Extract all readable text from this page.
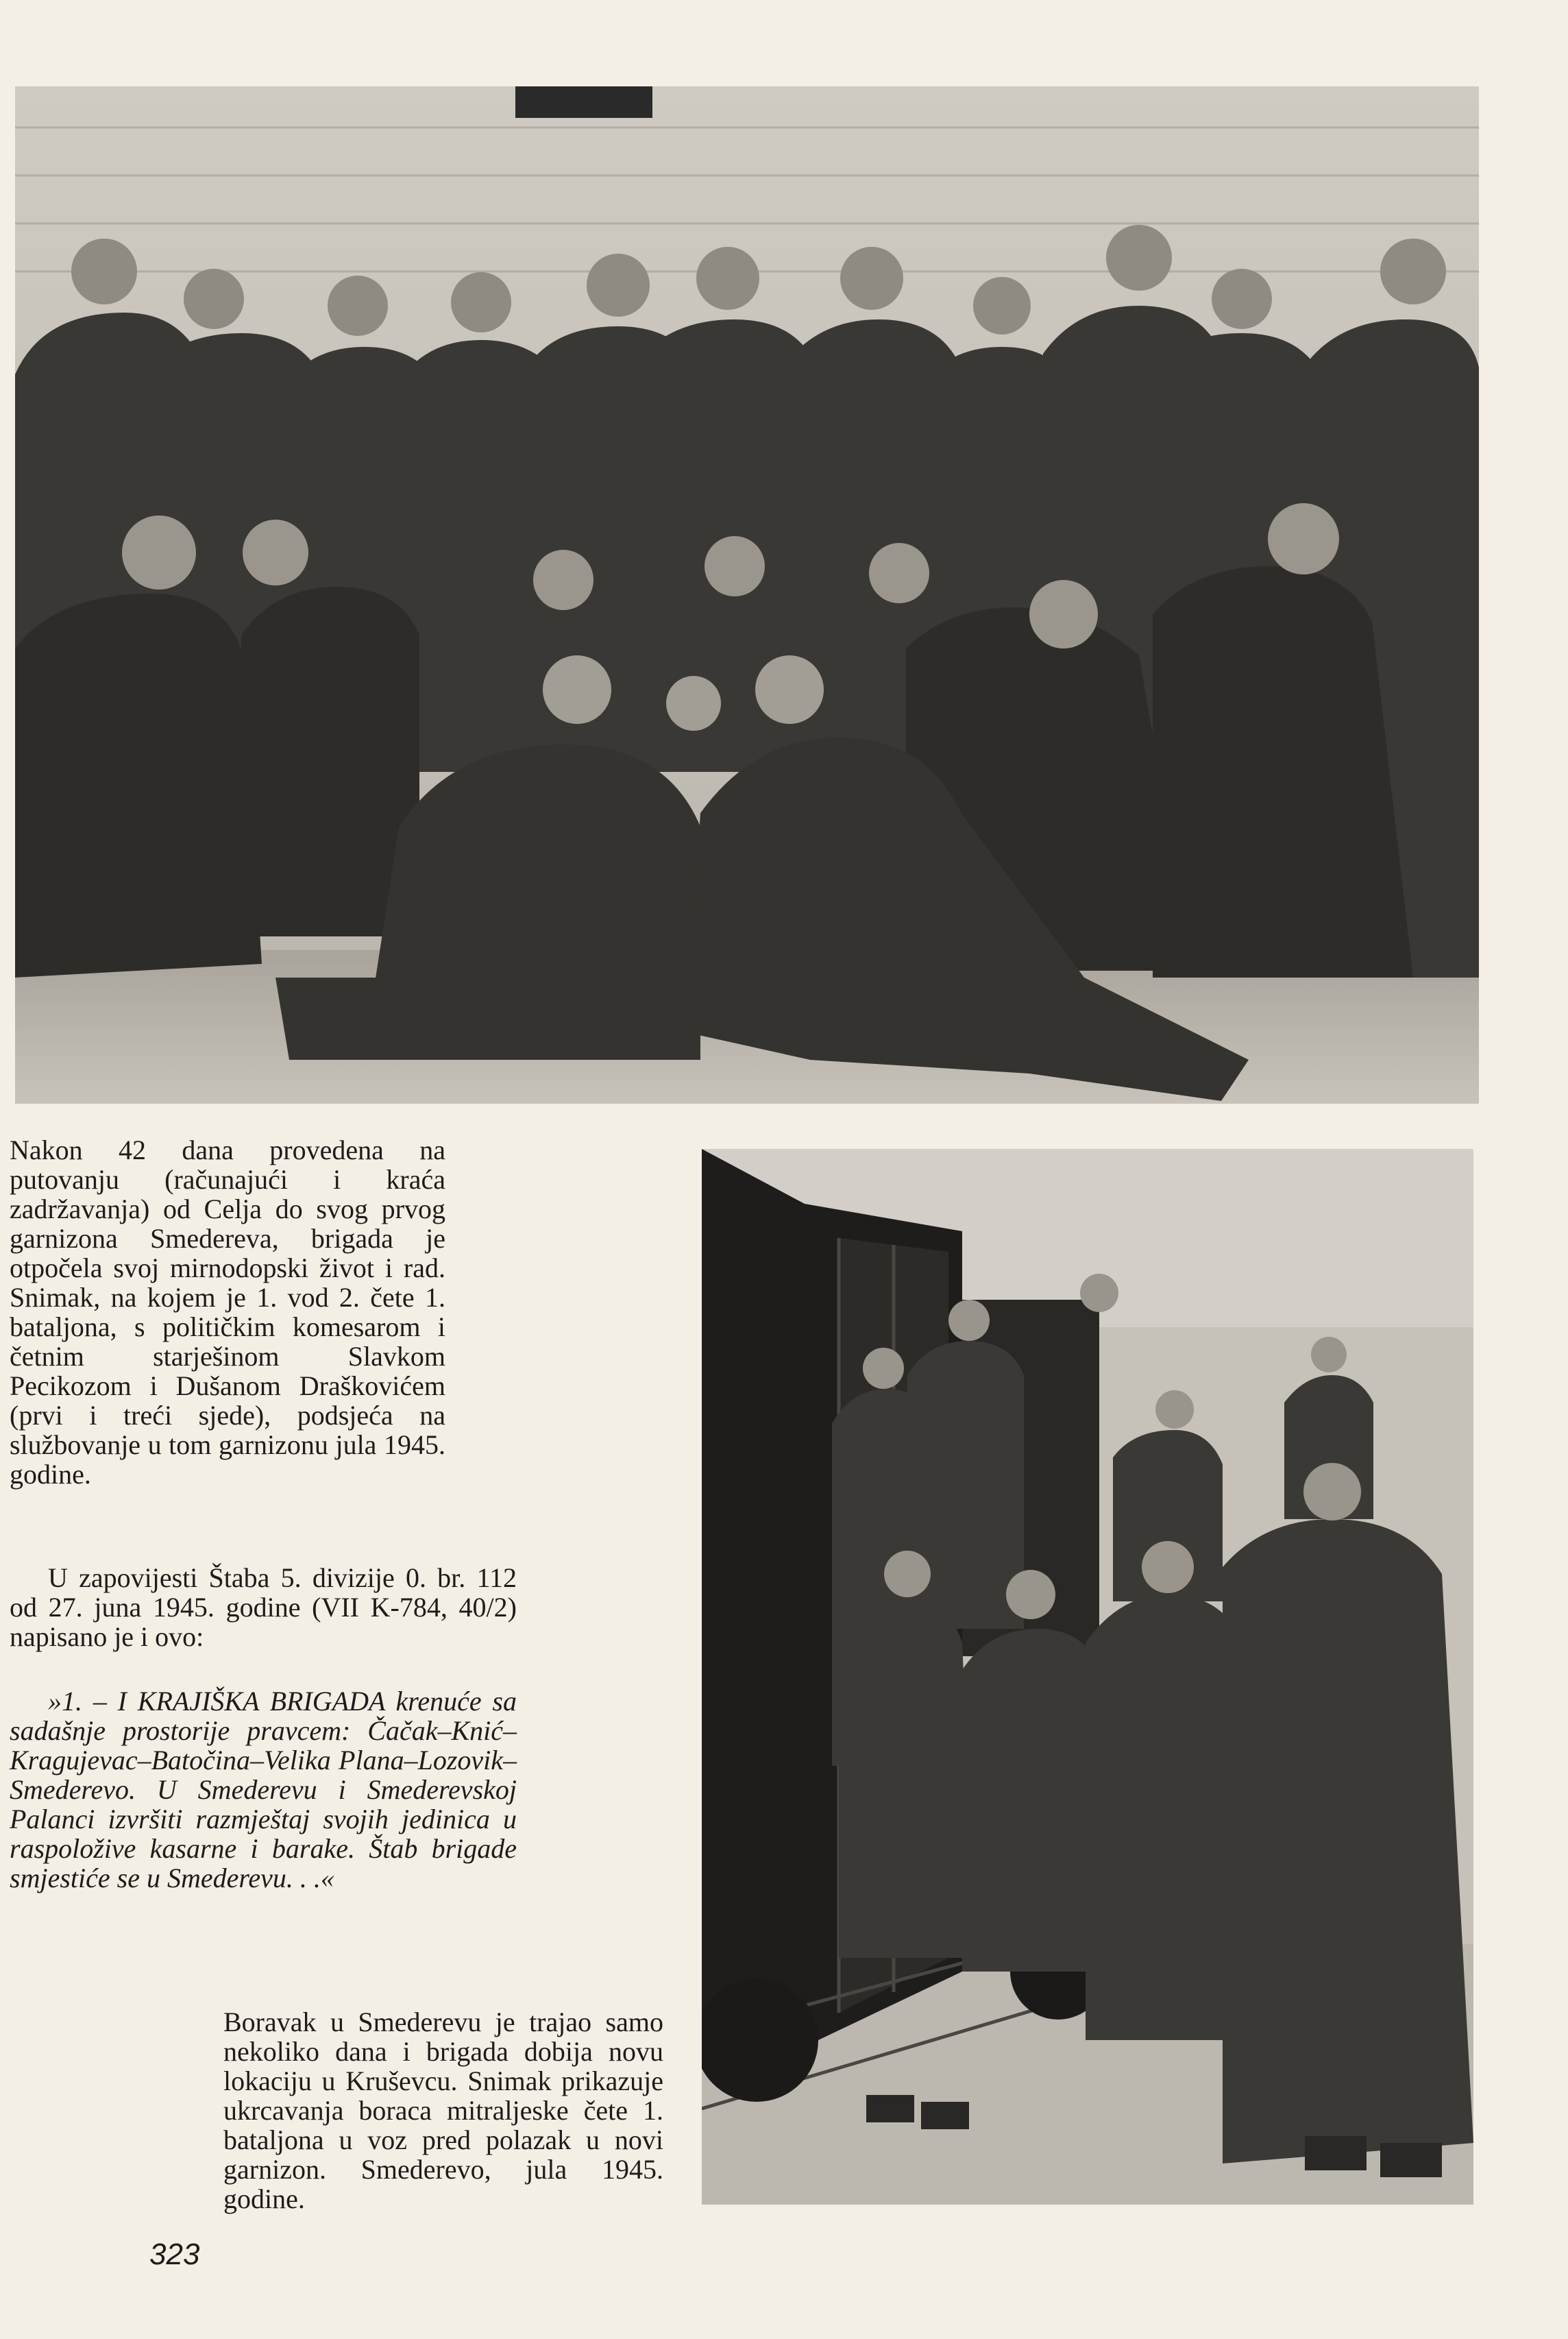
Nakon 42 dana provedena na putovanju (računajući i kraća zadržavanja) od Celja do svog prvog garnizona Smedereva, brigada je otpočela svoj mirnodopski život i rad. Snimak, na kojem je 1. vod 2. čete 1. bataljona, s političkim komesarom i četnim starješinom Slavkom Pecikozom i Dušanom Draškovićem (prvi i treći sjede), podsjeća na službovanje u tom garnizonu jula 1945. godine.
U zapovijesti Štaba 5. divizije 0. br. 112 od 27. juna 1945. godine (VII K-784, 40/2) napisano je i ovo:
»1. – I KRAJIŠKA BRIGADA krenuće sa sadašnje prostorije pravcem: Čačak–Knić–Kragujevac–Batočina–Velika Plana–Lozovik–Smederevo. U Smederevu i Smederevskoj Palanci izvršiti razmještaj svojih jedinica u raspoložive kasarne i barake. Štab brigade smjestiće se u Smederevu. . .«
Boravak u Smederevu je trajao samo nekoliko dana i brigada dobija novu lokaciju u Kruševcu. Snimak prikazuje ukrcavanja boraca mitraljeske čete 1. bataljona u voz pred polazak u novi garnizon. Smederevo, jula 1945. godine.
323
